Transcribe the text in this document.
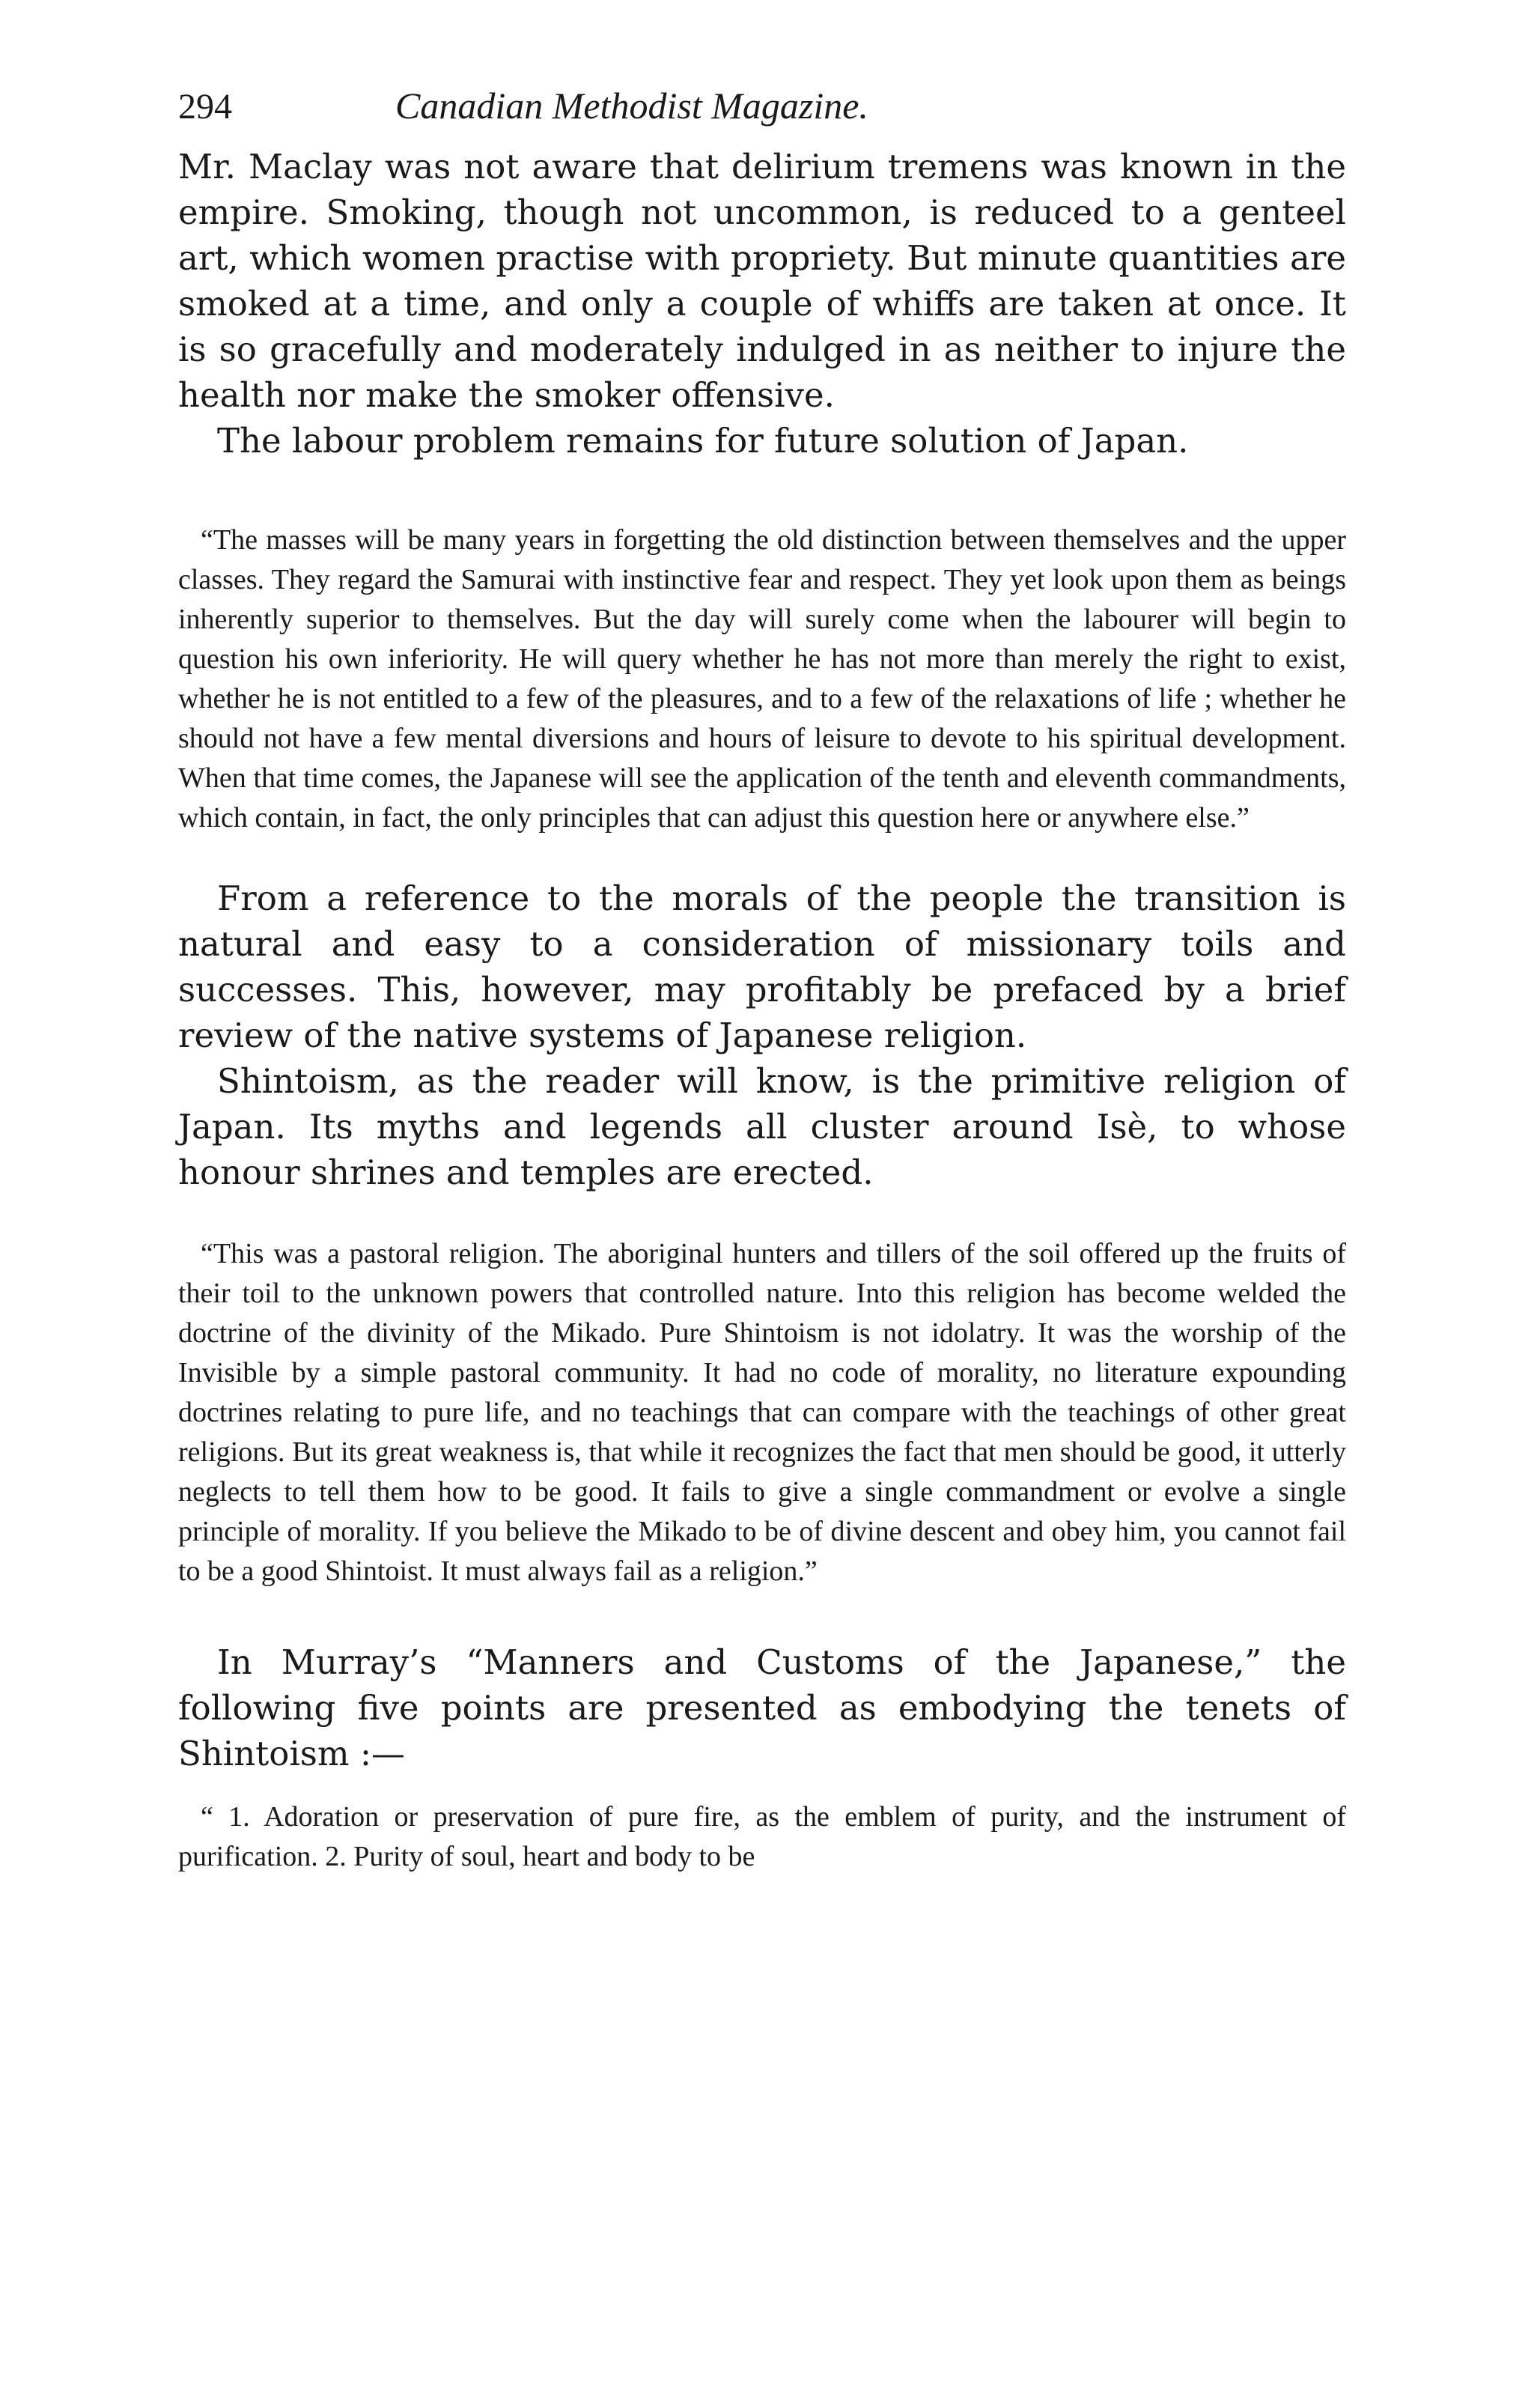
294	Canadian Methodist Magazine.

Mr. Maclay was not aware that delirium tremens was known in the empire. Smoking, though not uncommon, is reduced to a genteel art, which women practise with propriety. But minute quantities are smoked at a time, and only a couple of whiffs are taken at once. It is so gracefully and moderately indulged in as neither to injure the health nor make the smoker offensive.

The labour problem remains for future solution of Japan.

“The masses will be many years in forgetting the old distinction between themselves and the upper classes. They regard the Samurai with instinctive fear and respect. They yet look upon them as beings inherently superior to themselves. But the day will surely come when the labourer will begin to question his own inferiority. He will query whether he has not more than merely the right to exist, whether he is not entitled to a few of the pleasures, and to a few of the relaxations of life ; whether he should not have a few mental diversions and hours of leisure to devote to his spiritual development. When that time comes, the Japanese will see the application of the tenth and eleventh commandments, which contain, in fact, the only principles that can adjust this question here or anywhere else.”

From a reference to the morals of the people the transition is natural and easy to a consideration of missionary toils and successes. This, however, may profitably be prefaced by a brief review of the native systems of Japanese religion.

Shintoism, as the reader will know, is the primitive religion of Japan. Its myths and legends all cluster around Isè, to whose honour shrines and temples are erected.

“This was a pastoral religion. The aboriginal hunters and tillers of the soil offered up the fruits of their toil to the unknown powers that controlled nature. Into this religion has become welded the doctrine of the divinity of the Mikado. Pure Shintoism is not idolatry. It was the worship of the Invisible by a simple pastoral community. It had no code of morality, no literature expounding doctrines relating to pure life, and no teachings that can compare with the teachings of other great religions. But its great weakness is, that while it recognizes the fact that men should be good, it utterly neglects to tell them how to be good. It fails to give a single commandment or evolve a single principle of morality. If you believe the Mikado to be of divine descent and obey him, you cannot fail to be a good Shintoist. It must always fail as a religion.”

In Murray’s “Manners and Customs of the Japanese,” the following five points are presented as embodying the tenets of Shintoism :—

“ 1. Adoration or preservation of pure fire, as the emblem of purity, and the instrument of purification. 2. Purity of soul, heart and body to be
